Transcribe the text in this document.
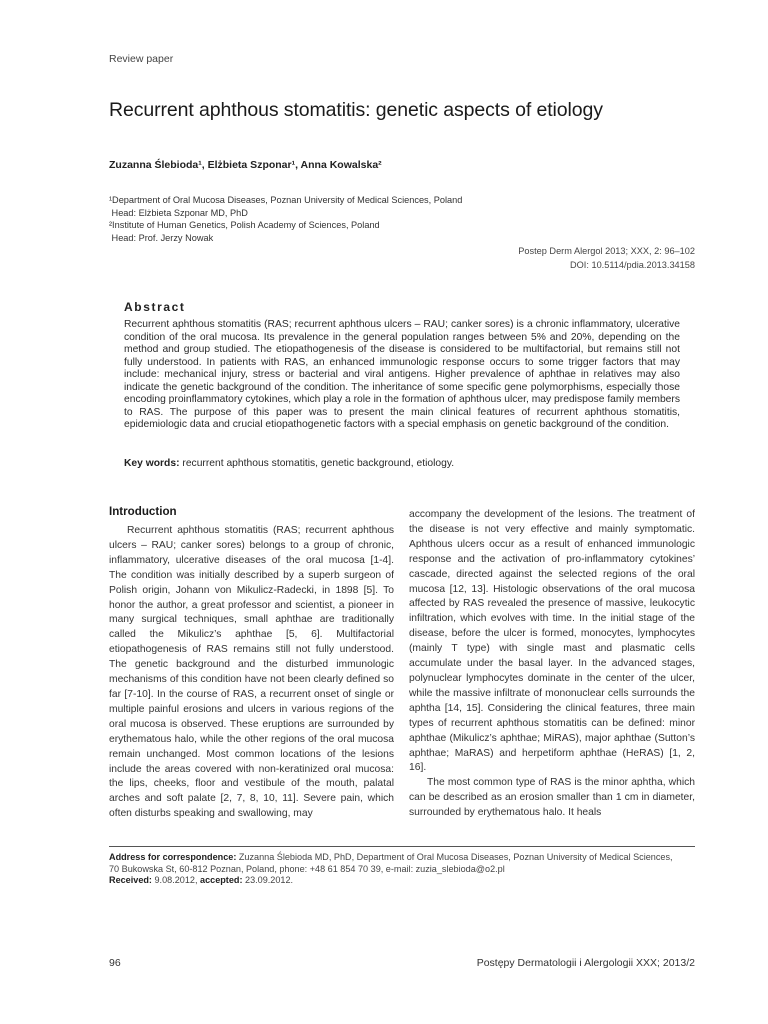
Review paper
Recurrent aphthous stomatitis: genetic aspects of etiology
Zuzanna Ślebioda¹, Elżbieta Szponar¹, Anna Kowalska²
¹Department of Oral Mucosa Diseases, Poznan University of Medical Sciences, Poland
Head: Elżbieta Szponar MD, PhD
²Institute of Human Genetics, Polish Academy of Sciences, Poland
Head: Prof. Jerzy Nowak
Postep Derm Alergol 2013; XXX, 2: 96–102
DOI: 10.5114/pdia.2013.34158
Abstract
Recurrent aphthous stomatitis (RAS; recurrent aphthous ulcers – RAU; canker sores) is a chronic inflammatory, ulcerative condition of the oral mucosa. Its prevalence in the general population ranges between 5% and 20%, depending on the method and group studied. The etiopathogenesis of the disease is considered to be multifactorial, but remains still not fully understood. In patients with RAS, an enhanced immunologic response occurs to some trigger factors that may include: mechanical injury, stress or bacterial and viral antigens. Higher prevalence of aphthae in relatives may also indicate the genetic background of the condition. The inheritance of some specific gene polymorphisms, especially those encoding proinflammatory cytokines, which play a role in the formation of aphthous ulcer, may predispose family members to RAS. The purpose of this paper was to present the main clinical features of recurrent aphthous stomatitis, epidemiologic data and crucial etiopathogenetic factors with a special emphasis on genetic background of the condition.
Key words: recurrent aphthous stomatitis, genetic background, etiology.
Introduction

Recurrent aphthous stomatitis (RAS; recurrent aphthous ulcers – RAU; canker sores) belongs to a group of chronic, inflammatory, ulcerative diseases of the oral mucosa [1-4]. The condition was initially described by a superb surgeon of Polish origin, Johann von Mikulicz-Radecki, in 1898 [5]. To honor the author, a great professor and scientist, a pioneer in many surgical techniques, small aphthae are traditionally called the Mikulicz’s aphthae [5, 6]. Multifactorial etiopathogenesis of RAS remains still not fully understood. The genetic background and the disturbed immunologic mechanisms of this condition have not been clearly defined so far [7-10]. In the course of RAS, a recurrent onset of single or multiple painful erosions and ulcers in various regions of the oral mucosa is observed. These eruptions are surrounded by erythematous halo, while the other regions of the oral mucosa remain unchanged. Most common locations of the lesions include the areas covered with non-keratinized oral mucosa: the lips, cheeks, floor and vestibule of the mouth, palatal arches and soft palate [2, 7, 8, 10, 11]. Severe pain, which often disturbs speaking and swallowing, may

accompany the development of the lesions. The treatment of the disease is not very effective and mainly symptomatic. Aphthous ulcers occur as a result of enhanced immunologic response and the activation of pro-inflammatory cytokines’ cascade, directed against the selected regions of the oral mucosa [12, 13]. Histologic observations of the oral mucosa affected by RAS revealed the presence of massive, leukocytic infiltration, which evolves with time. In the initial stage of the disease, before the ulcer is formed, monocytes, lymphocytes (mainly T type) with single mast and plasmatic cells accumulate under the basal layer. In the advanced stages, polynuclear lymphocytes dominate in the center of the ulcer, while the massive infiltrate of mononuclear cells surrounds the aphtha [14, 15]. Considering the clinical features, three main types of recurrent aphthous stomatitis can be defined: minor aphthae (Mikulicz’s aphthae; MiRAS), major aphthae (Sutton’s aphthae; MaRAS) and herpetiform aphthae (HeRAS) [1, 2, 16].

The most common type of RAS is the minor aphtha, which can be described as an erosion smaller than 1 cm in diameter, surrounded by erythematous halo. It heals

Address for correspondence: Zuzanna Ślebioda MD, PhD, Department of Oral Mucosa Diseases, Poznan University of Medical Sciences,
70 Bukowska St, 60-812 Poznan, Poland, phone: +48 61 854 70 39, e-mail: zuzia_slebioda@o2.pl
Received: 9.08.2012, accepted: 23.09.2012.
96	Postępy Dermatologii i Alergologii XXX; 2013/2
